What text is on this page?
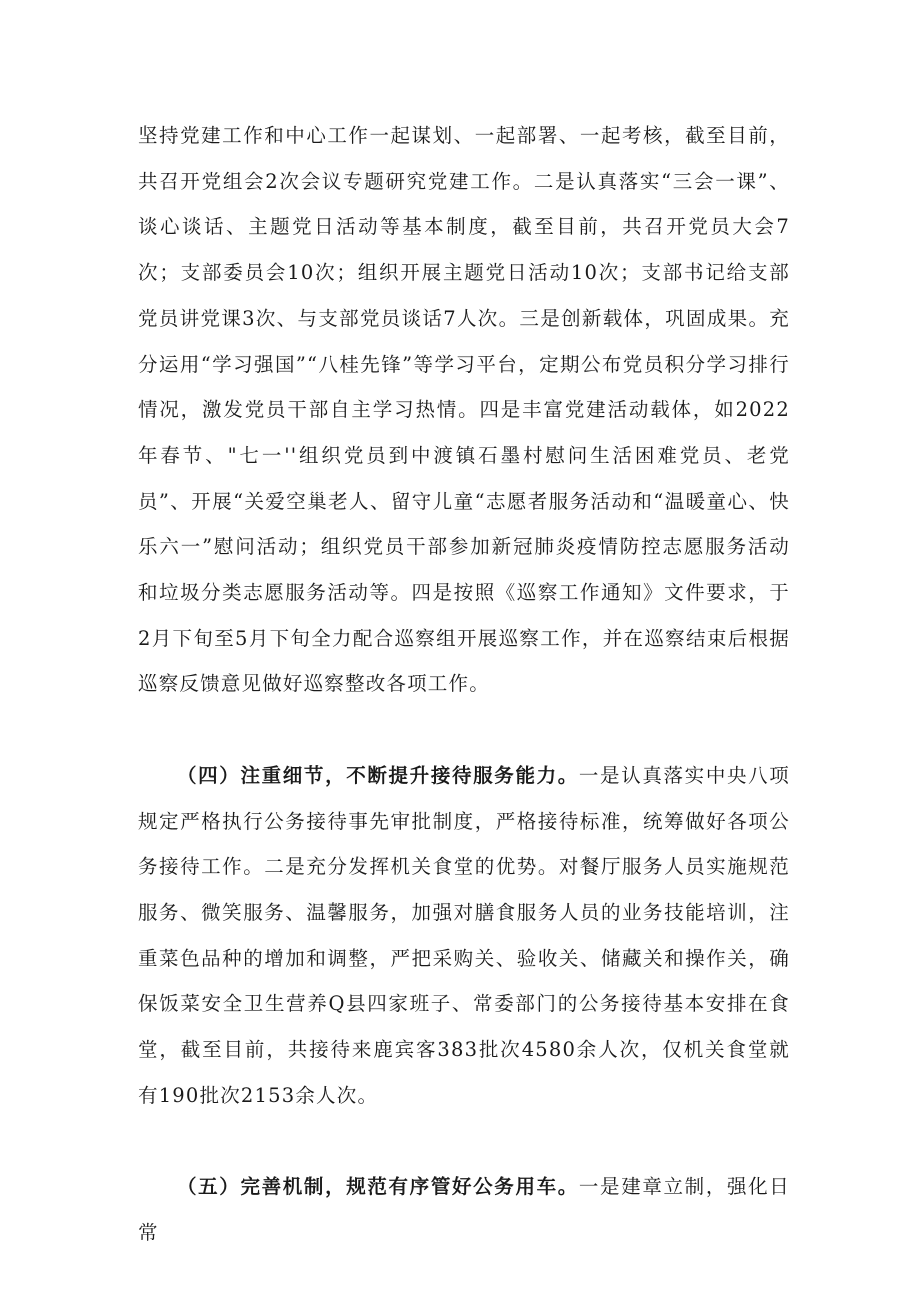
坚持党建工作和中心工作一起谋划、一起部署、一起考核，截至目前，共召开党组会2次会议专题研究党建工作。二是认真落实“三会一课”、谈心谈话、主题党日活动等基本制度，截至目前，共召开党员大会7次；支部委员会10次；组织开展主题党日活动10次；支部书记给支部党员讲党课3次、与支部党员谈话7人次。三是创新载体，巩固成果。充分运用“学习强国”“八桂先锋”等学习平台，定期公布党员积分学习排行情况，激发党员干部自主学习热情。四是丰富党建活动载体，如2022年春节、"七一''组织党员到中渡镇石墨村慰问生活困难党员、老党员”、开展“关爱空巢老人、留守儿童“志愿者服务活动和“温暖童心、快乐六一”慰问活动；组织党员干部参加新冠肺炎疫情防控志愿服务活动和垃圾分类志愿服务活动等。四是按照《巡察工作通知》文件要求，于2月下旬至5月下旬全力配合巡察组开展巡察工作，并在巡察结束后根据巡察反馈意见做好巡察整改各项工作。

（四）注重细节，不断提升接待服务能力。一是认真落实中央八项规定严格执行公务接待事先审批制度，严格接待标准，统筹做好各项公务接待工作。二是充分发挥机关食堂的优势。对餐厅服务人员实施规范服务、微笑服务、温馨服务，加强对膳食服务人员的业务技能培训，注重菜色品种的增加和调整，严把采购关、验收关、储藏关和操作关，确保饭菜安全卫生营养Q县四家班子、常委部门的公务接待基本安排在食堂，截至目前，共接待来鹿宾客383批次4580余人次，仅机关食堂就有190批次2153余人次。

（五）完善机制，规范有序管好公务用车。一是建章立制，强化日常
